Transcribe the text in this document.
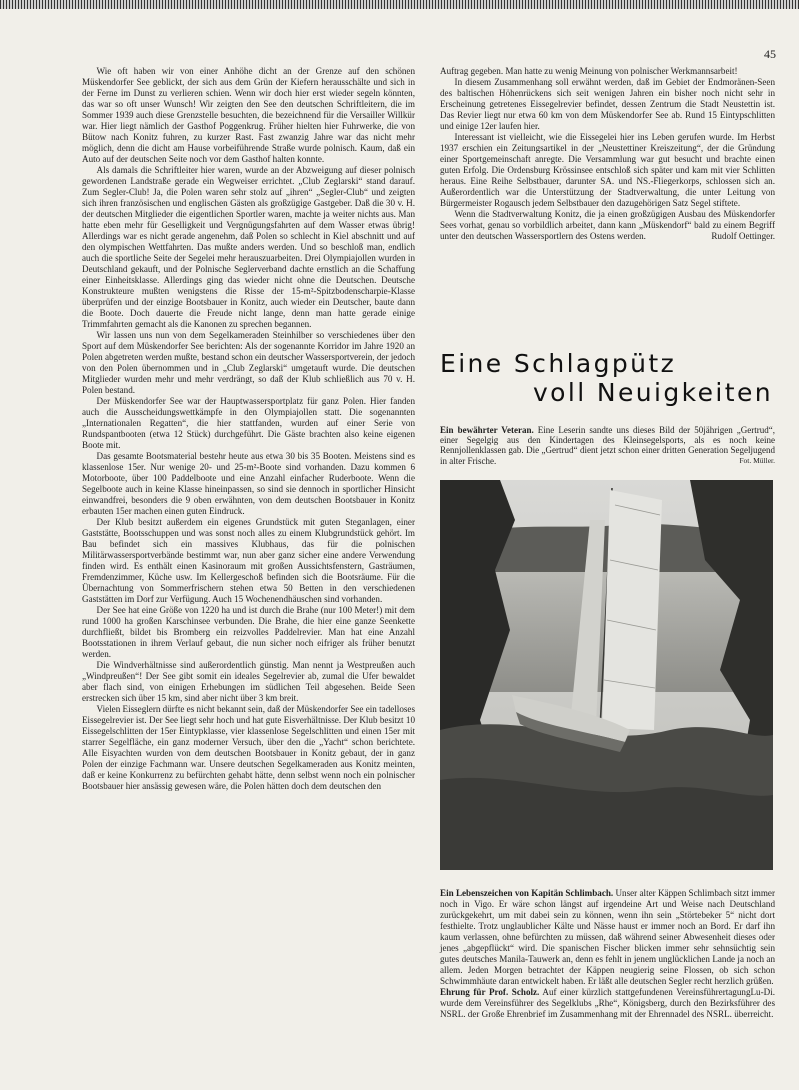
45

Wie oft haben wir von einer Anhöhe dicht an der Grenze auf den schönen Müskendorfer See geblickt, der sich aus dem Grün der Kiefern herausschälte und sich in der Ferne im Dunst zu verlieren schien. Wenn wir doch hier erst wieder segeln könnten, das war so oft unser Wunsch! Wir zeigten den See den deutschen Schriftleitern, die im Sommer 1939 auch diese Grenzstelle besuchten, die bezeichnend für die Versailler Willkür war. Hier liegt nämlich der Gasthof Poggenkrug. Früher hielten hier Fuhrwerke, die von Bütow nach Konitz fuhren, zu kurzer Rast. Fast zwanzig Jahre war das nicht mehr möglich, denn die dicht am Hause vorbeiführende Straße wurde polnisch. Kaum, daß ein Auto auf der deutschen Seite noch vor dem Gasthof halten konnte.

Als damals die Schriftleiter hier waren, wurde an der Abzweigung auf dieser polnisch gewordenen Landstraße gerade ein Wegweiser errichtet. „Club Zeglarski“ stand darauf. Zum Segler-Club! Ja, die Polen waren sehr stolz auf „ihren“ „Segler-Club“ und zeigten sich ihren französischen und englischen Gästen als großzügige Gastgeber. Daß die 30 v. H. der deutschen Mitglieder die eigentlichen Sportler waren, machte ja weiter nichts aus. Man hatte eben mehr für Geselligkeit und Vergnügungsfahrten auf dem Wasser etwas übrig! Allerdings war es nicht gerade angenehm, daß Polen so schlecht in Kiel abschnitt und auf den olympischen Wettfahrten. Das mußte anders werden. Und so beschloß man, endlich auch die sportliche Seite der Segelei mehr herauszuarbeiten. Drei Olympiajollen wurden in Deutschland gekauft, und der Polnische Seglerverband dachte ernstlich an die Schaffung einer Einheitsklasse. Allerdings ging das wieder nicht ohne die Deutschen. Deutsche Konstrukteure mußten wenigstens die Risse der 15-m²-Spitzbodenscharpie-Klasse überprüfen und der einzige Bootsbauer in Konitz, auch wieder ein Deutscher, baute dann die Boote. Doch dauerte die Freude nicht lange, denn man hatte gerade einige Trimmfahrten gemacht als die Kanonen zu sprechen begannen.

Wir lassen uns nun von dem Segelkameraden Steinhilber so verschiedenes über den Sport auf dem Müskendorfer See berichten: Als der sogenannte Korridor im Jahre 1920 an Polen abgetreten werden mußte, bestand schon ein deutscher Wassersportverein, der jedoch von den Polen übernommen und in „Club Zeglarski“ umgetauft wurde. Die deutschen Mitglieder wurden mehr und mehr verdrängt, so daß der Klub schließlich aus 70 v. H. Polen bestand.

Der Müskendorfer See war der Hauptwassersportplatz für ganz Polen. Hier fanden auch die Ausscheidungswettkämpfe in den Olympiajollen statt. Die sogenannten „Internationalen Regatten“, die hier stattfanden, wurden auf einer Serie von Rundspantbooten (etwa 12 Stück) durchgeführt. Die Gäste brachten also keine eigenen Boote mit.

Das gesamte Bootsmaterial bestehr heute aus etwa 30 bis 35 Booten. Meistens sind es klassenlose 15er. Nur wenige 20- und 25-m²-Boote sind vorhanden. Dazu kommen 6 Motorboote, über 100 Paddelboote und eine Anzahl einfacher Ruderboote. Wenn die Segelboote auch in keine Klasse hineinpassen, so sind sie dennoch in sportlicher Hinsicht einwandfrei, besonders die 9 oben erwähnten, von dem deutschen Bootsbauer in Konitz erbauten 15er machen einen guten Eindruck.

Der Klub besitzt außerdem ein eigenes Grundstück mit guten Steganlagen, einer Gaststätte, Bootsschuppen und was sonst noch alles zu einem Klubgrundstück gehört. Im Bau befindet sich ein massives Klubhaus, das für die polnischen Militärwassersportverbände bestimmt war, nun aber ganz sicher eine andere Verwendung finden wird. Es enthält einen Kasinoraum mit großen Aussichtsfenstern, Gasträumen, Fremdenzimmer, Küche usw. Im Kellergeschoß befinden sich die Bootsräume. Für die Übernachtung von Sommerfrischern stehen etwa 50 Betten in den verschiedenen Gaststätten im Dorf zur Verfügung. Auch 15 Wochenendhäuschen sind vorhanden.

Der See hat eine Größe von 1220 ha und ist durch die Brahe (nur 100 Meter!) mit dem rund 1000 ha großen Karschinsee verbunden. Die Brahe, die hier eine ganze Seenkette durchfließt, bildet bis Bromberg ein reizvolles Paddelrevier. Man hat eine Anzahl Bootsstationen in ihrem Verlauf gebaut, die nun sicher noch eifriger als früher benutzt werden.

Die Windverhältnisse sind außerordentlich günstig. Man nennt ja Westpreußen auch „Windpreußen“! Der See gibt somit ein ideales Segelrevier ab, zumal die Ufer bewaldet aber flach sind, von einigen Erhebungen im südlichen Teil abgesehen. Beide Seen erstrecken sich über 15 km, sind aber nicht über 3 km breit.

Vielen Eisseglern dürfte es nicht bekannt sein, daß der Müskendorfer See ein tadelloses Eissegelrevier ist. Der See liegt sehr hoch und hat gute Eisverhältnisse. Der Klub besitzt 10 Eissegelschlitten der 15er Eintypklasse, vier klassenlose Segelschlitten und einen 15er mit starrer Segelfläche, ein ganz moderner Versuch, über den die „Yacht“ schon berichtete. Alle Eisyachten wurden von dem deutschen Bootsbauer in Konitz gebaut, der in ganz Polen der einzige Fachmann war. Unsere deutschen Segelkameraden aus Konitz meinten, daß er keine Konkurrenz zu befürchten gehabt hätte, denn selbst wenn noch ein polnischer Bootsbauer hier ansässig gewesen wäre, die Polen hätten doch dem deutschen den

Auftrag gegeben. Man hatte zu wenig Meinung von polnischer Werkmannsarbeit!

In diesem Zusammenhang soll erwähnt werden, daß im Gebiet der Endmoränen-Seen des baltischen Höhenrückens sich seit wenigen Jahren ein bisher noch nicht sehr in Erscheinung getretenes Eissegelrevier befindet, dessen Zentrum die Stadt Neustettin ist. Das Revier liegt nur etwa 60 km von dem Müskendorfer See ab. Rund 15 Eintypschlitten und einige 12er laufen hier.

Interessant ist vielleicht, wie die Eissegelei hier ins Leben gerufen wurde. Im Herbst 1937 erschien ein Zeitungsartikel in der „Neustettiner Kreiszeitung“, der die Gründung einer Sportgemeinschaft anregte. Die Versammlung war gut besucht und brachte einen guten Erfolg. Die Ordensburg Krössinsee entschloß sich später und kam mit vier Schlitten heraus. Eine Reihe Selbstbauer, darunter SA. und NS.-Fliegerkorps, schlossen sich an. Außerordentlich war die Unterstützung der Stadtverwaltung, die unter Leitung von Bürgermeister Rogausch jedem Selbstbauer den dazugehörigen Satz Segel stiftete.

Wenn die Stadtverwaltung Konitz, die ja einen großzügigen Ausbau des Müskendorfer Sees vorhat, genau so vorbildlich arbeitet, dann kann „Müskendorf“ bald zu einem Begriff unter den deutschen Wassersportlern des Ostens werden.	Rudolf Oettinger.

Eine Schlagpütz
voll Neuigkeiten

Ein bewährter Veteran. Eine Leserin sandte uns dieses Bild der 50jährigen „Gertrud“, einer Segelgig aus den Kindertagen des Kleinsegelsports, als es noch keine Rennjollenklassen gab. Die „Gertrud“ dient jetzt schon einer dritten Generation Segeljugend in alter Frische.	Fot. Müller.

Ein Lebenszeichen von Kapitän Schlimbach. Unser alter Käppen Schlimbach sitzt immer noch in Vigo. Er wäre schon längst auf irgendeine Art und Weise nach Deutschland zurückgekehrt, um mit dabei sein zu können, wenn ihn sein „Störtebeker 5“ nicht dort festhielte. Trotz unglaublicher Kälte und Nässe haust er immer noch an Bord. Er darf ihn kaum verlassen, ohne befürchten zu müssen, daß während seiner Abwesenheit dieses oder jenes „abgepflückt“ wird. Die spanischen Fischer blicken immer sehr sehnsüchtig sein gutes deutsches Manila-Tauwerk an, denn es fehlt in jenem unglücklichen Lande ja noch an allem. Jeden Morgen betrachtet der Käppen neugierig seine Flossen, ob sich schon Schwimmhäute daran entwickelt haben. Er läßt alle deutschen Segler recht herzlich grüßen.
Lu-Di.

Ehrung für Prof. Scholz. Auf einer kürzlich stattgefundenen Vereinsführertagung wurde dem Vereinsführer des Segelklubs „Rhe“, Königsberg, durch den Bezirksführer des NSRL. der Große Ehrenbrief im Zusammenhang mit der Ehrennadel des NSRL. überreicht.
